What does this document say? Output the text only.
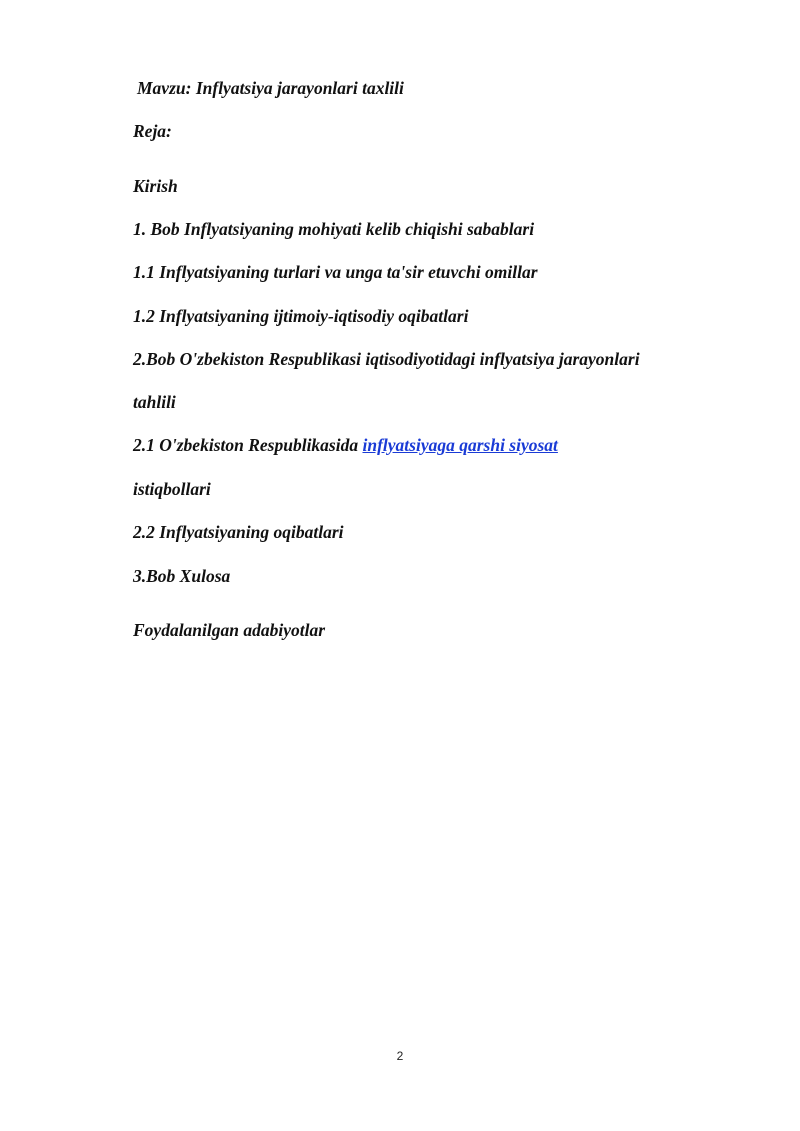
Mavzu: Inflyatsiya jarayonlari taxlili
Reja:
Kirish
1. Bob Inflyatsiyaning mohiyati kelib chiqishi sabablari
1.1 Inflyatsiyaning turlari va unga ta'sir etuvchi omillar
1.2 Inflyatsiyaning ijtimoiy-iqtisodiy oqibatlari
2.Bob O'zbekiston Respublikasi iqtisodiyotidagi inflyatsiya jarayonlari
tahlili
2.1 O'zbekiston Respublikasida inflyatsiyaga qarshi siyosat
istiqbollari
2.2 Inflyatsiyaning oqibatlari
3.Bob Xulosa
Foydalanilgan adabiyotlar
2
